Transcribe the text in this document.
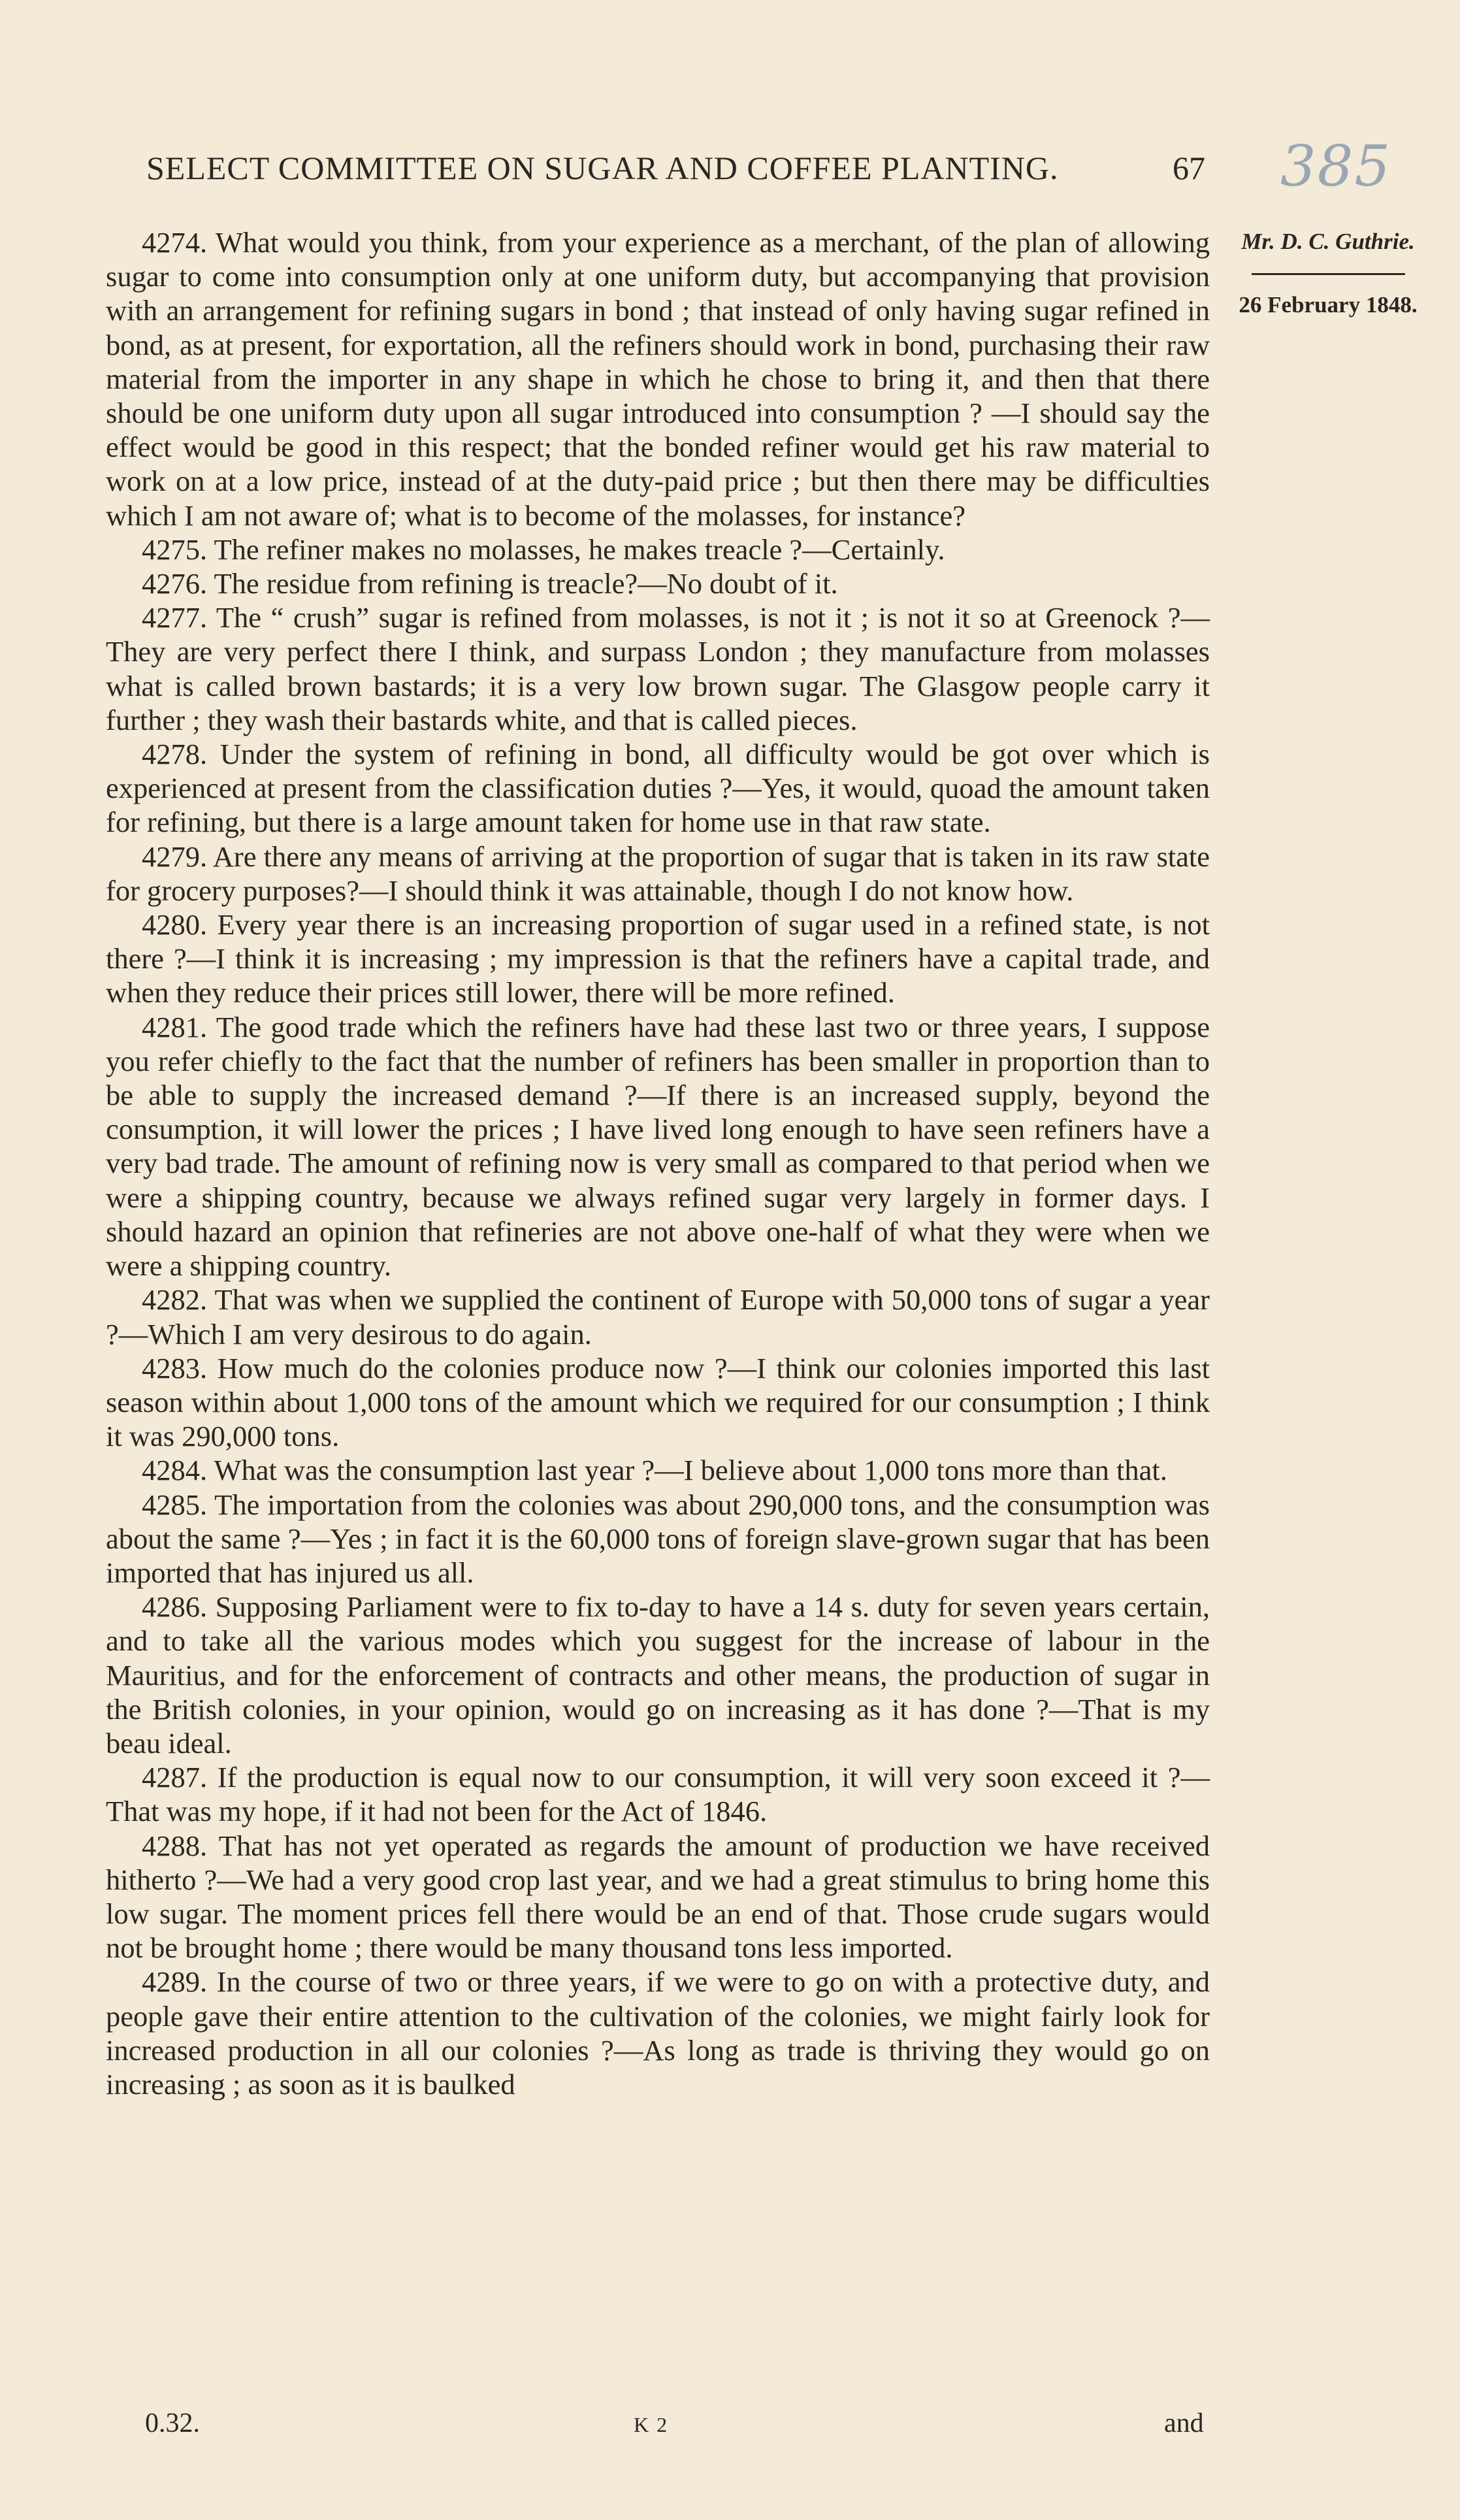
SELECT COMMITTEE ON SUGAR AND COFFEE PLANTING.	67 385
Mr. D. C. Guthrie.
26 February 1848.

4274. What would you think, from your experience as a merchant, of the plan of allowing sugar to come into consumption only at one uniform duty, but accompanying that provision with an arrangement for refining sugars in bond ; that instead of only having sugar refined in bond, as at present, for exportation, all the refiners should work in bond, purchasing their raw material from the importer in any shape in which he chose to bring it, and then that there should be one uniform duty upon all sugar introduced into consumption ? —I should say the effect would be good in this respect; that the bonded refiner would get his raw material to work on at a low price, instead of at the duty-paid price ; but then there may be difficulties which I am not aware of; what is to become of the molasses, for instance?

4275. The refiner makes no molasses, he makes treacle ?—Certainly.

4276. The residue from refining is treacle?—No doubt of it.

4277. The “ crush” sugar is refined from molasses, is not it ; is not it so at Greenock ?—They are very perfect there I think, and surpass London ; they manufacture from molasses what is called brown bastards; it is a very low brown sugar. The Glasgow people carry it further ; they wash their bastards white, and that is called pieces.

4278. Under the system of refining in bond, all difficulty would be got over which is experienced at present from the classification duties ?—Yes, it would, quoad the amount taken for refining, but there is a large amount taken for home use in that raw state.

4279. Are there any means of arriving at the proportion of sugar that is taken in its raw state for grocery purposes?—I should think it was attainable, though I do not know how.

4280. Every year there is an increasing proportion of sugar used in a refined state, is not there ?—I think it is increasing ; my impression is that the refiners have a capital trade, and when they reduce their prices still lower, there will be more refined.

4281. The good trade which the refiners have had these last two or three years, I suppose you refer chiefly to the fact that the number of refiners has been smaller in proportion than to be able to supply the increased demand ?—If there is an increased supply, beyond the consumption, it will lower the prices ; I have lived long enough to have seen refiners have a very bad trade. The amount of refining now is very small as compared to that period when we were a shipping country, because we always refined sugar very largely in former days. I should hazard an opinion that refineries are not above one-half of what they were when we were a shipping country.

4282. That was when we supplied the continent of Europe with 50,000 tons of sugar a year ?—Which I am very desirous to do again.

4283. How much do the colonies produce now ?—I think our colonies imported this last season within about 1,000 tons of the amount which we required for our consumption ; I think it was 290,000 tons.

4284. What was the consumption last year ?—I believe about 1,000 tons more than that.

4285. The importation from the colonies was about 290,000 tons, and the consumption was about the same ?—Yes ; in fact it is the 60,000 tons of foreign slave-grown sugar that has been imported that has injured us all.

4286. Supposing Parliament were to fix to-day to have a 14 s. duty for seven years certain, and to take all the various modes which you suggest for the increase of labour in the Mauritius, and for the enforcement of contracts and other means, the production of sugar in the British colonies, in your opinion, would go on increasing as it has done ?—That is my beau ideal.

4287. If the production is equal now to our consumption, it will very soon exceed it ?—That was my hope, if it had not been for the Act of 1846.

4288. That has not yet operated as regards the amount of production we have received hitherto ?—We had a very good crop last year, and we had a great stimulus to bring home this low sugar. The moment prices fell there would be an end of that. Those crude sugars would not be brought home ; there would be many thousand tons less imported.

4289. In the course of two or three years, if we were to go on with a protective duty, and people gave their entire attention to the cultivation of the colonies, we might fairly look for increased production in all our colonies ?—As long as trade is thriving they would go on increasing ; as soon as it is baulked

0.32.	K 2	and
